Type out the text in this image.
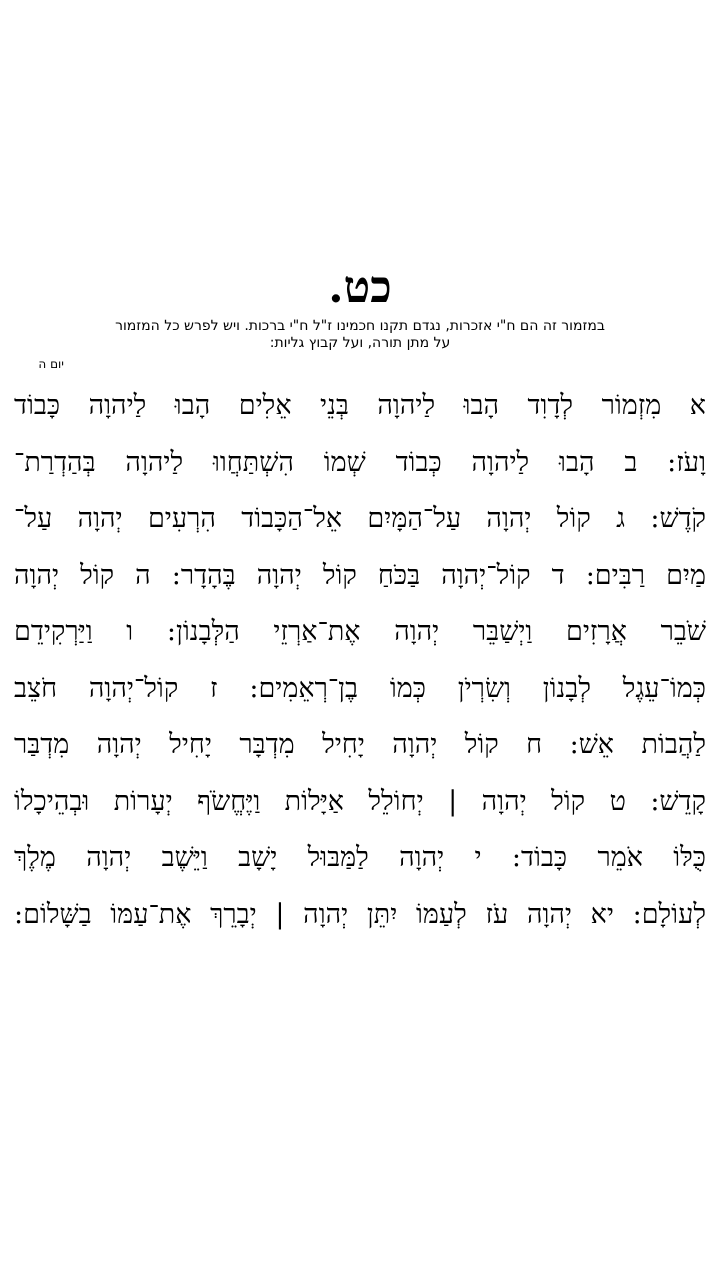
כט.
במזמור זה הם ח"י אזכרות, נגדם תקנו חכמינו ז"ל ח"י ברכות. ויש לפרש כל המזמור
על מתן תורה, ועל קבוץ גליות:
יום ה
א מִזְמוֹר לְדָוִד הָבוּ לַיהוָה בְּנֵי אֵלִים הָבוּ לַיהוָה כָּבוֹד
וָעֹז: ב הָבוּ לַיהוָה כְּבוֹד שְׁמוֹ הִשְׁתַּחֲווּ לַיהוָה בְּהַדְרַת־
קֹדֶשׁ: ג קוֹל יְהוָה עַל־הַמָּיִם אֵל־הַכָּבוֹד הִרְעִים יְהוָה עַל־
מַיִם רַבִּים: ד קוֹל־יְהוָה בַּכֹּחַ קוֹל יְהוָה בֶּהָדָר: ה קוֹל יְהוָה
שֹׁבֵר אֲרָזִים וַיְשַׁבֵּר יְהוָה אֶת־אַרְזֵי הַלְּבָנוֹן: ו וַיַּרְקִידֵם
כְּמוֹ־עֵגֶל לְבָנוֹן וְשִׂרְיֹן כְּמוֹ בֶן־רְאֵמִים: ז קוֹל־יְהוָה חֹצֵב
לַהֲבוֹת אֵשׁ: ח קוֹל יְהוָה יָחִיל מִדְבָּר יָחִיל יְהוָה מִדְבַּר
קָדֵשׁ: ט קוֹל יְהוָה | יְחוֹלֵל אַיָּלוֹת וַיֶּחֱשֹׂף יְעָרוֹת וּבְהֵיכָלוֹ
כֻּלּוֹ אֹמֵר כָּבוֹד: י יְהוָה לַמַּבּוּל יָשָׁב וַיֵּשֶׁב יְהוָה מֶלֶךְ
לְעוֹלָם: יא יְהוָה עֹז לְעַמּוֹ יִתֵּן יְהוָה | יְבָרֵךְ אֶת־עַמּוֹ בַשָּׁלוֹם:
